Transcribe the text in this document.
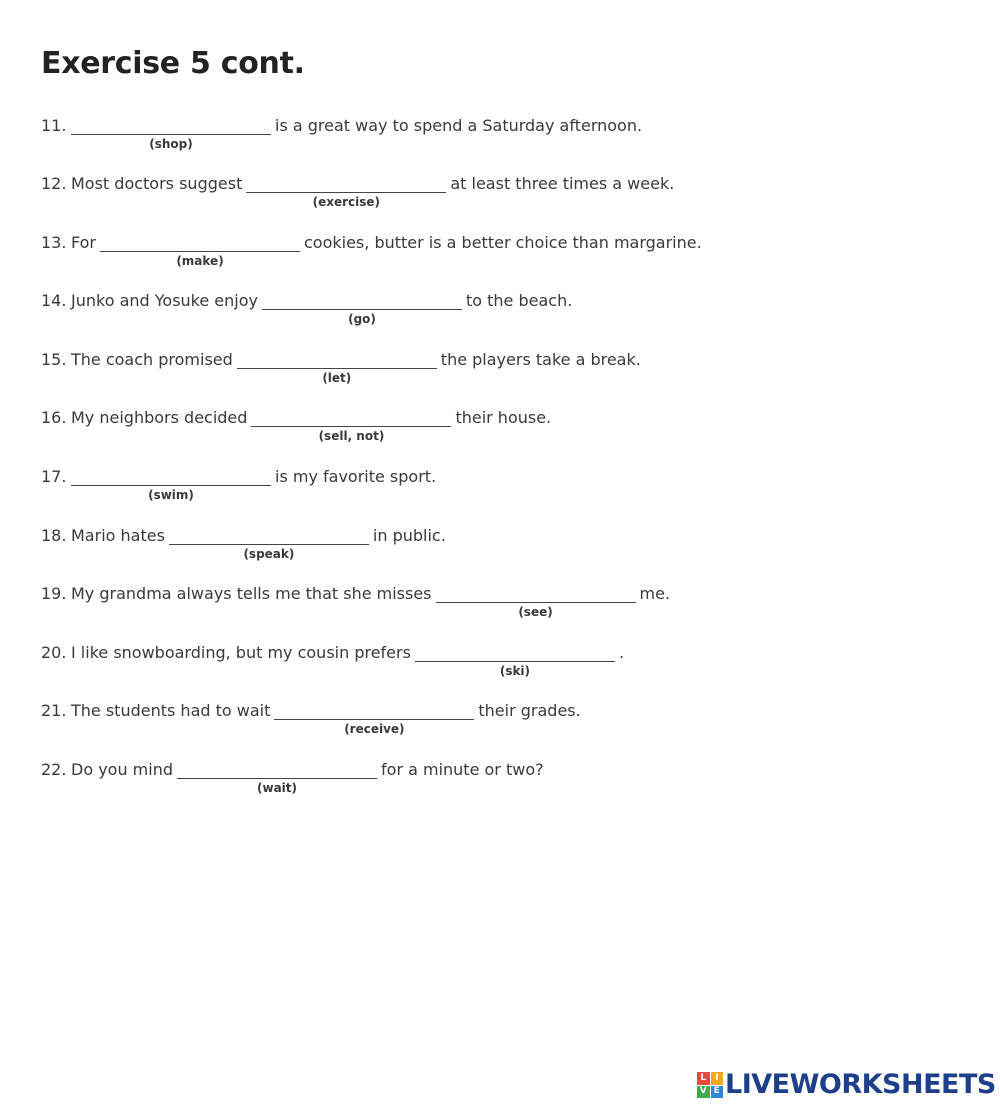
Exercise 5 cont.
11.
(shop)
is a great way to spend a Saturday afternoon.
12. Most doctors suggest
(exercise)
at least three times a week.
13. For
(make)
cookies, butter is a better choice than margarine.
14. Junko and Yosuke enjoy
(go)
to the beach.
15. The coach promised
(let)
the players take a break.
16. My neighbors decided
(sell, not)
their house.
17.
(swim)
is my favorite sport.
18. Mario hates
(speak)
in public.
19. My grandma always tells me that she misses
(see)
me.
20. I like snowboarding, but my cousin prefers
(ski)
.
21. The students had to wait
(receive)
their grades.
22. Do you mind
(wait)
for a minute or two?
L I
V E LIVEWORKSHEETS
